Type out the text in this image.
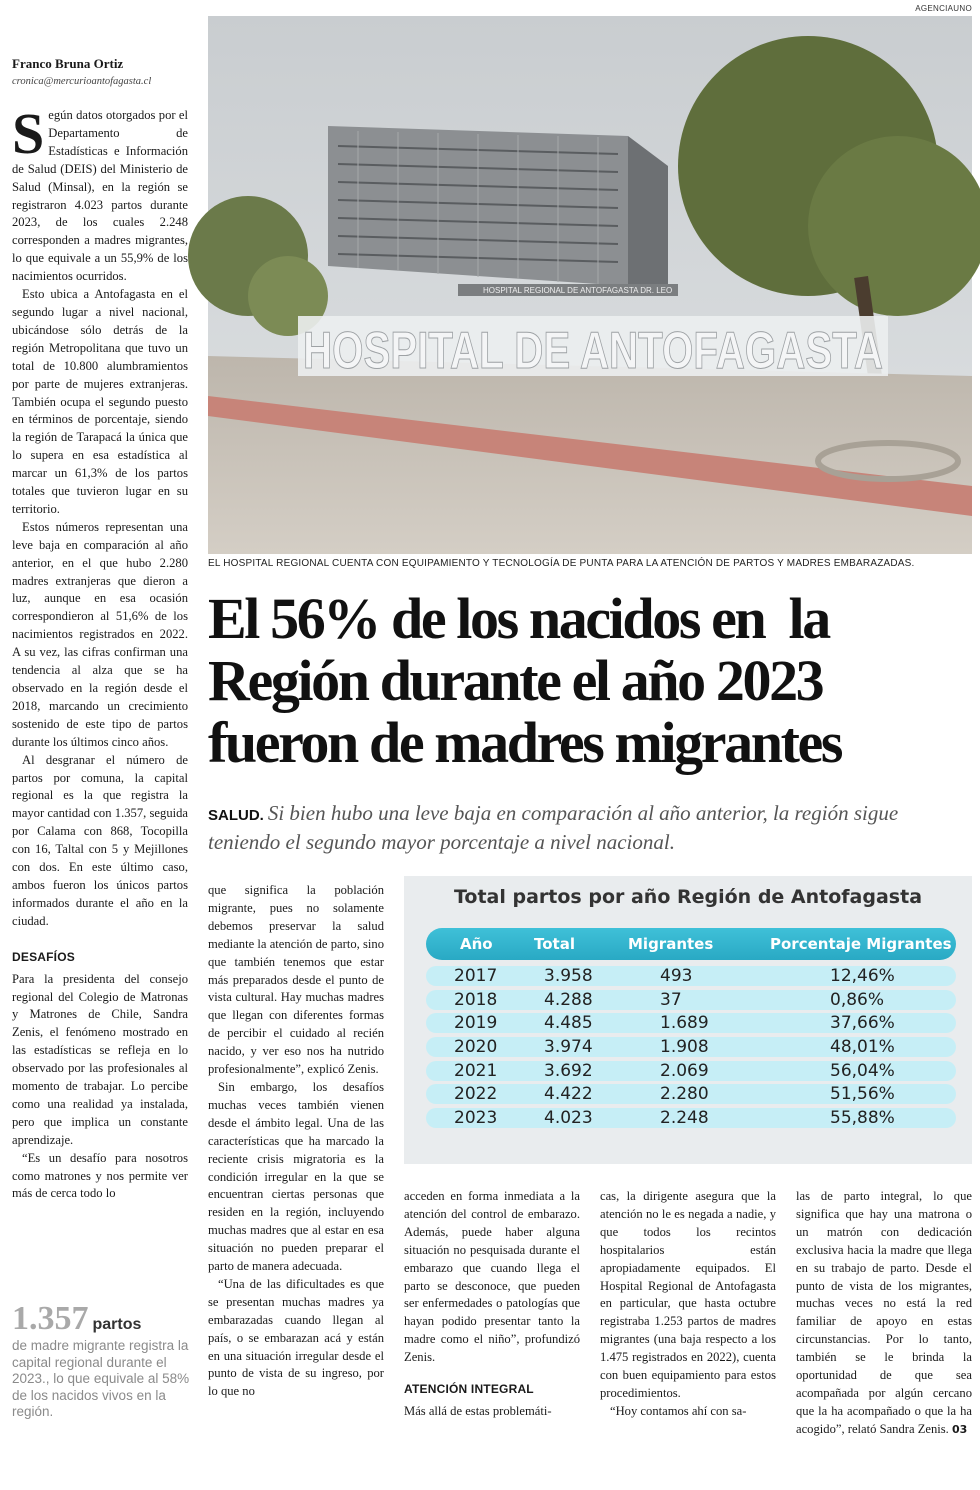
AGENCIAUNO
Franco Bruna Ortiz
cronica@mercurioantofagasta.cl

Según datos otorgados por el Departamento de Estadísticas e Información de Salud (DEIS) del Ministerio de Salud (Minsal), en la región se registraron 4.023 partos durante 2023, de los cuales 2.248 corresponden a madres migrantes, lo que equivale a un 55,9% de los nacimientos ocurridos.

Esto ubica a Antofagasta en el segundo lugar a nivel nacional, ubicándose sólo detrás de la región Metropolitana que tuvo un total de 10.800 alumbramientos por parte de mujeres extranjeras. También ocupa el segundo puesto en términos de porcentaje, siendo la región de Tarapacá la única que lo supera en esa estadística al marcar un 61,3% de los partos totales que tuvieron lugar en su territorio.

Estos números representan una leve baja en comparación al año anterior, en el que hubo 2.280 madres extranjeras que dieron a luz, aunque en esa ocasión correspondieron al 51,6% de los nacimientos registrados en 2022. A su vez, las cifras confirman una tendencia al alza que se ha observado en la región desde el 2018, marcando un crecimiento sostenido de este tipo de partos durante los últimos cinco años.

Al desgranar el número de partos por comuna, la capital regional es la que registra la mayor cantidad con 1.357, seguida por Calama con 868, Tocopilla con 16, Taltal con 5 y Mejillones con dos. En este último caso, ambos fueron los únicos partos informados durante el año en la ciudad.

DESAFÍOS

Para la presidenta del consejo regional del Colegio de Matronas y Matrones de Chile, Sandra Zenis, el fenómeno mostrado en las estadísticas se refleja en lo observado por las profesionales al momento de trabajar. Lo percibe como una realidad ya instalada, pero que implica un constante aprendizaje.

“Es un desafío para nosotros como matrones y nos permite ver más de cerca todo lo

1.357 partos
de madre migrante registra la capital regional durante el 2023., lo que equivale al 58% de los nacidos vivos en la región.
HOSPITAL REGIONAL DE ANTOFAGASTA DR. LEO
HOSPITAL DE ANTOFAGASTA
EL HOSPITAL REGIONAL CUENTA CON EQUIPAMIENTO Y TECNOLOGÍA DE PUNTA PARA LA ATENCIÓN DE PARTOS Y MADRES EMBARAZADAS.
El 56% de los nacidos en  la
Región durante el año 2023
fueron de madres migrantes
SALUD. Si bien hubo una leve baja en comparación al año anterior, la región sigue teniendo el segundo mayor porcentaje a nivel nacional.
Total partos por año Región de Antofagasta
Año	Total	Migrantes	Porcentaje Migrantes
2017	3.958	493	12,46%
2018	4.288	37	0,86%
2019	4.485	1.689	37,66%
2020	3.974	1.908	48,01%
2021	3.692	2.069	56,04%
2022	4.422	2.280	51,56%
2023	4.023	2.248	55,88%

que significa la población migrante, pues no solamente debemos preservar la salud mediante la atención de parto, sino que también tenemos que estar más preparados desde el punto de vista cultural. Hay muchas madres que llegan con diferentes formas de percibir el cuidado al recién nacido, y ver eso nos ha nutrido profesionalmente”, explicó Zenis.

Sin embargo, los desafíos muchas veces también vienen desde el ámbito legal. Una de las características que ha marcado la reciente crisis migratoria es la condición irregular en la que se encuentran ciertas personas que residen en la región, incluyendo muchas madres que al estar en esa situación no pueden preparar el parto de manera adecuada.

“Una de las dificultades es que se presentan muchas madres ya embarazadas cuando llegan al país, o se embarazan acá y están en una situación irregular desde el punto de vista de su ingreso, por lo que no

acceden en forma inmediata a la atención del control de embarazo. Además, puede haber alguna situación no pesquisada durante el embarazo que cuando llega el parto se desconoce, que pueden ser enfermedades o patologías que hayan podido presentar tanto la madre como el niño”, profundizó Zenis.

ATENCIÓN INTEGRAL

Más allá de estas problemáti-

cas, la dirigente asegura que la atención no le es negada a nadie, y que todos los recintos hospitalarios están apropiadamente equipados. El Hospital Regional de Antofagasta en particular, que hasta octubre registraba 1.253 partos de madres migrantes (una baja respecto a los 1.475 registrados en 2022), cuenta con buen equipamiento para estos procedimientos.

“Hoy contamos ahí con sa-

las de parto integral, lo que significa que hay una matrona o un matrón con dedicación exclusiva hacia la madre que llega en su trabajo de parto. Desde el punto de vista de los migrantes, muchas veces no está la red familiar de apoyo en estas circunstancias. Por lo tanto, también se le brinda la oportunidad de que sea acompañada por algún cercano que la ha acompañado o que la ha acogido”, relató Sandra Zenis. 03
